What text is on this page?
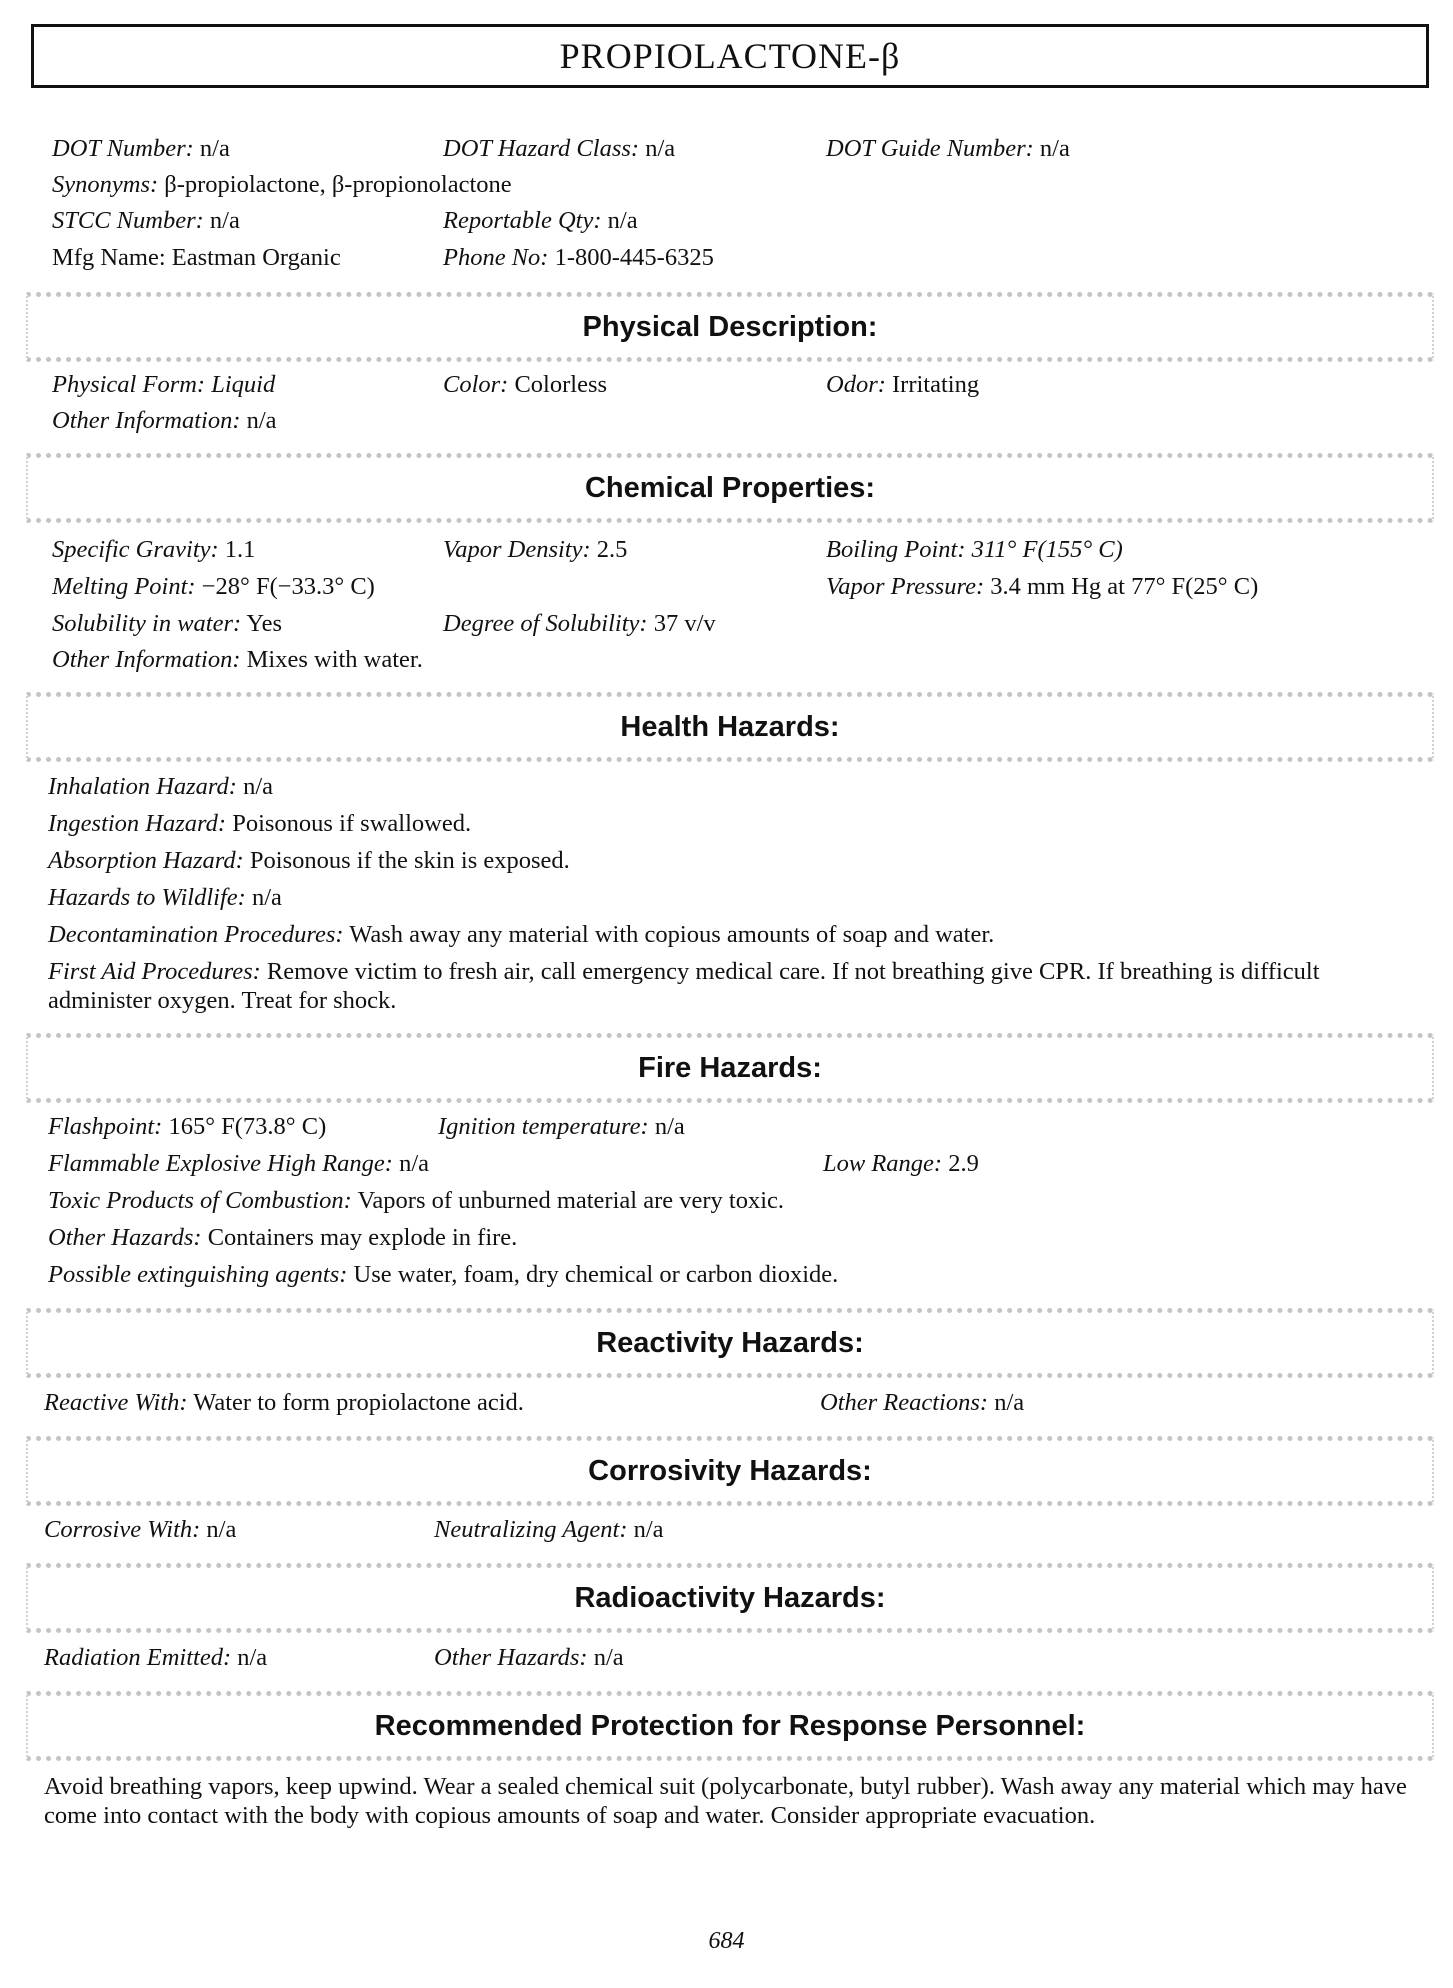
PROPIOLACTONE-β
DOT Number: n/a	DOT Hazard Class: n/a	DOT Guide Number: n/a
Synonyms: β-propiolactone, β-propionolactone
STCC Number: n/a	Reportable Qty: n/a
Mfg Name: Eastman Organic	Phone No: 1-800-445-6325
Physical Description:
Physical Form: Liquid	Color: Colorless	Odor: Irritating
Other Information: n/a
Chemical Properties:
Specific Gravity: 1.1	Vapor Density: 2.5	Boiling Point: 311° F(155° C)
Melting Point: −28° F(−33.3° C)	Vapor Pressure: 3.4 mm Hg at 77° F(25° C)
Solubility in water: Yes	Degree of Solubility: 37 v/v
Other Information: Mixes with water.
Health Hazards:
Inhalation Hazard: n/a
Ingestion Hazard: Poisonous if swallowed.
Absorption Hazard: Poisonous if the skin is exposed.
Hazards to Wildlife: n/a
Decontamination Procedures: Wash away any material with copious amounts of soap and water.
First Aid Procedures: Remove victim to fresh air, call emergency medical care. If not breathing give CPR. If breathing is difficult administer oxygen. Treat for shock.
Fire Hazards:
Flashpoint: 165° F(73.8° C)	Ignition temperature: n/a
Flammable Explosive High Range: n/a	Low Range: 2.9
Toxic Products of Combustion: Vapors of unburned material are very toxic.
Other Hazards: Containers may explode in fire.
Possible extinguishing agents: Use water, foam, dry chemical or carbon dioxide.
Reactivity Hazards:
Reactive With: Water to form propiolactone acid.	Other Reactions: n/a
Corrosivity Hazards:
Corrosive With: n/a	Neutralizing Agent: n/a
Radioactivity Hazards:
Radiation Emitted: n/a	Other Hazards: n/a
Recommended Protection for Response Personnel:
Avoid breathing vapors, keep upwind. Wear a sealed chemical suit (polycarbonate, butyl rubber). Wash away any material which may have come into contact with the body with copious amounts of soap and water. Consider appropriate evacuation.
684
